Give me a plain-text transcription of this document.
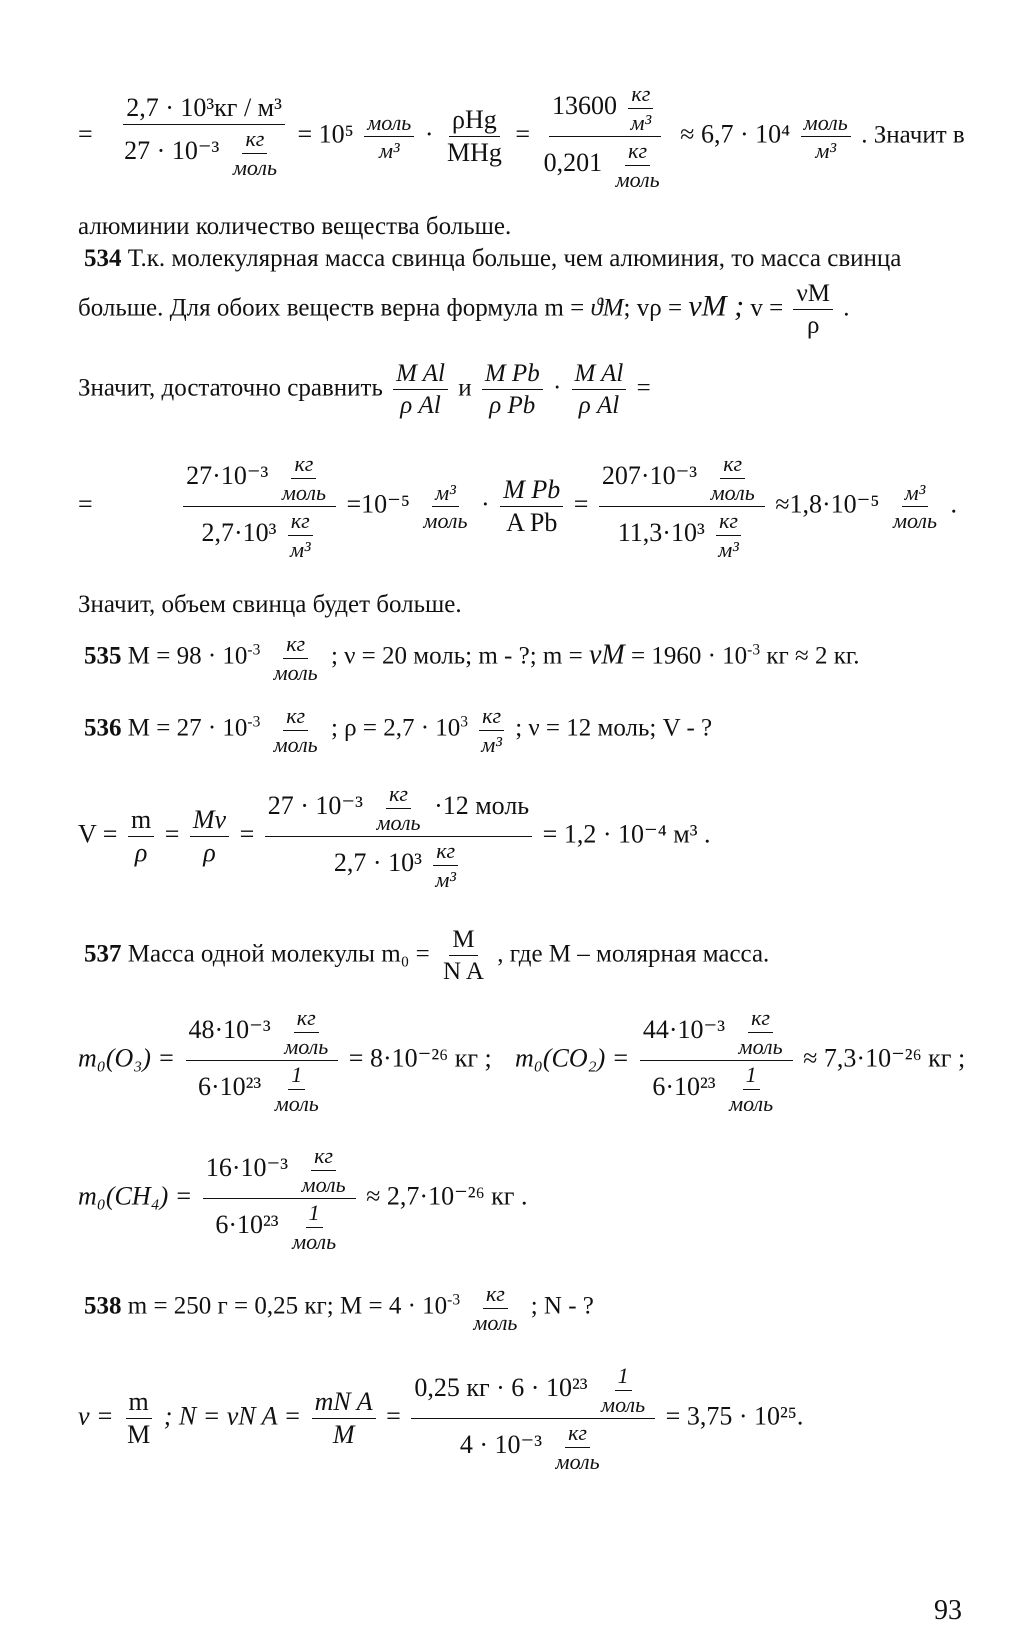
= $\frac{\text{2,7 · 10³кг / м³}}{27 \cdot 10^{-3} \frac{кг}{\text{моль}}} = 10^5 \frac{\text{моль}}{\text{м³}} \cdot \frac{\text{ρHg}}{\text{MHg}} = \frac{13600 \frac{кг}{\text{м³}}}{0,201 \frac{кг}{\text{моль}}} \approx 6,7 \cdot 10^4 \frac{\text{моль}}{\text{м³}}$ . Значит в
алюминии количество вещества больше.
534 Т.к. молекулярная масса свинца больше, чем алюминия, то масса свинца
больше. Для обоих веществ верна формула m = ϑM; vρ = νM ; $v = \frac{\nu M}{\rho}$ .
Значит, достаточно сравнить $\frac{\text{M Al}}{\text{ρ Al}}$ и $\frac{\text{M Pb}}{\text{ρ Pb}} \cdot \frac{\text{M Al}}{\text{ρ Al}}$ =
=	$\frac{27\cdot 10^{-3} \frac{кг}{\text{моль}}}{2,7\cdot 10^3 \frac{кг}{\text{м³}}} =10^{-5} \frac{\text{м³}}{\text{моль}} \cdot \frac{\text{M Pb}}{\text{A Pb}} = \frac{207\cdot 10^{-3} \frac{кг}{\text{моль}}}{11,3\cdot 10^3 \frac{кг}{\text{м³}}} \approx 1,8\cdot 10^{-5} \frac{\text{м³}}{\text{моль}}$ .
Значит, объем свинца будет больше.
535 $M = 98 \cdot 10^{-3} \frac{кг}{\text{моль}}$ ; ν = 20 моль; m - ?; $m = \nu M = 1960 \cdot 10^{-3}$ кг ≈ 2 кг.
536 $M = 27 \cdot 10^{-3} \frac{кг}{\text{моль}}$ ; $\rho = 2,7 \cdot 10^3 \frac{кг}{\text{м³}}$ ; ν = 12 моль; V - ?
$V = \frac{m}{\rho} = \frac{M\nu}{\rho}$ =
$27 \cdot 10^{-3} \frac{кг}{\text{моль}} \cdot 12$ моль
$2,7 \cdot 10^3 \frac{кг}{\text{м³}}$
= 1,2 · 10⁻⁴ м³ .
537 Масса одной молекулы $m_0 = \frac{M}{\text{N A}}$ , где M – молярная масса.
$m_0(O_3) = \frac{48\cdot 10^{-3} \frac{кг}{\text{моль}}}{6\cdot 10^{23} \frac{1}{\text{моль}}} = 8\cdot 10^{-26}$ кг ; $m_0(CO_2) = \frac{44\cdot 10^{-3} \frac{кг}{\text{моль}}}{6\cdot 10^{23} \frac{1}{\text{моль}}} \approx 7,3\cdot 10^{-26}$ кг ;
$m_0(CH_4) = \frac{16\cdot 10^{-3} \frac{кг}{\text{моль}}}{6\cdot 10^{23} \frac{1}{\text{моль}}} \approx 2,7\cdot 10^{-26}$ кг .
538 m = 250 г = 0,25 кг; $M = 4 \cdot 10^{-3} \frac{кг}{\text{моль}}$ ; N - ?
$\nu = \frac{m}{M}$ ; N = νN $A = \frac{\text{mN A}}{M} = \frac{0,25 кг \cdot 6 \cdot 10^{23} \frac{1}{\text{моль}}}{4 \cdot 10^{-3} \frac{кг}{\text{моль}}} = 3,75 \cdot 10^{25}$.
93
